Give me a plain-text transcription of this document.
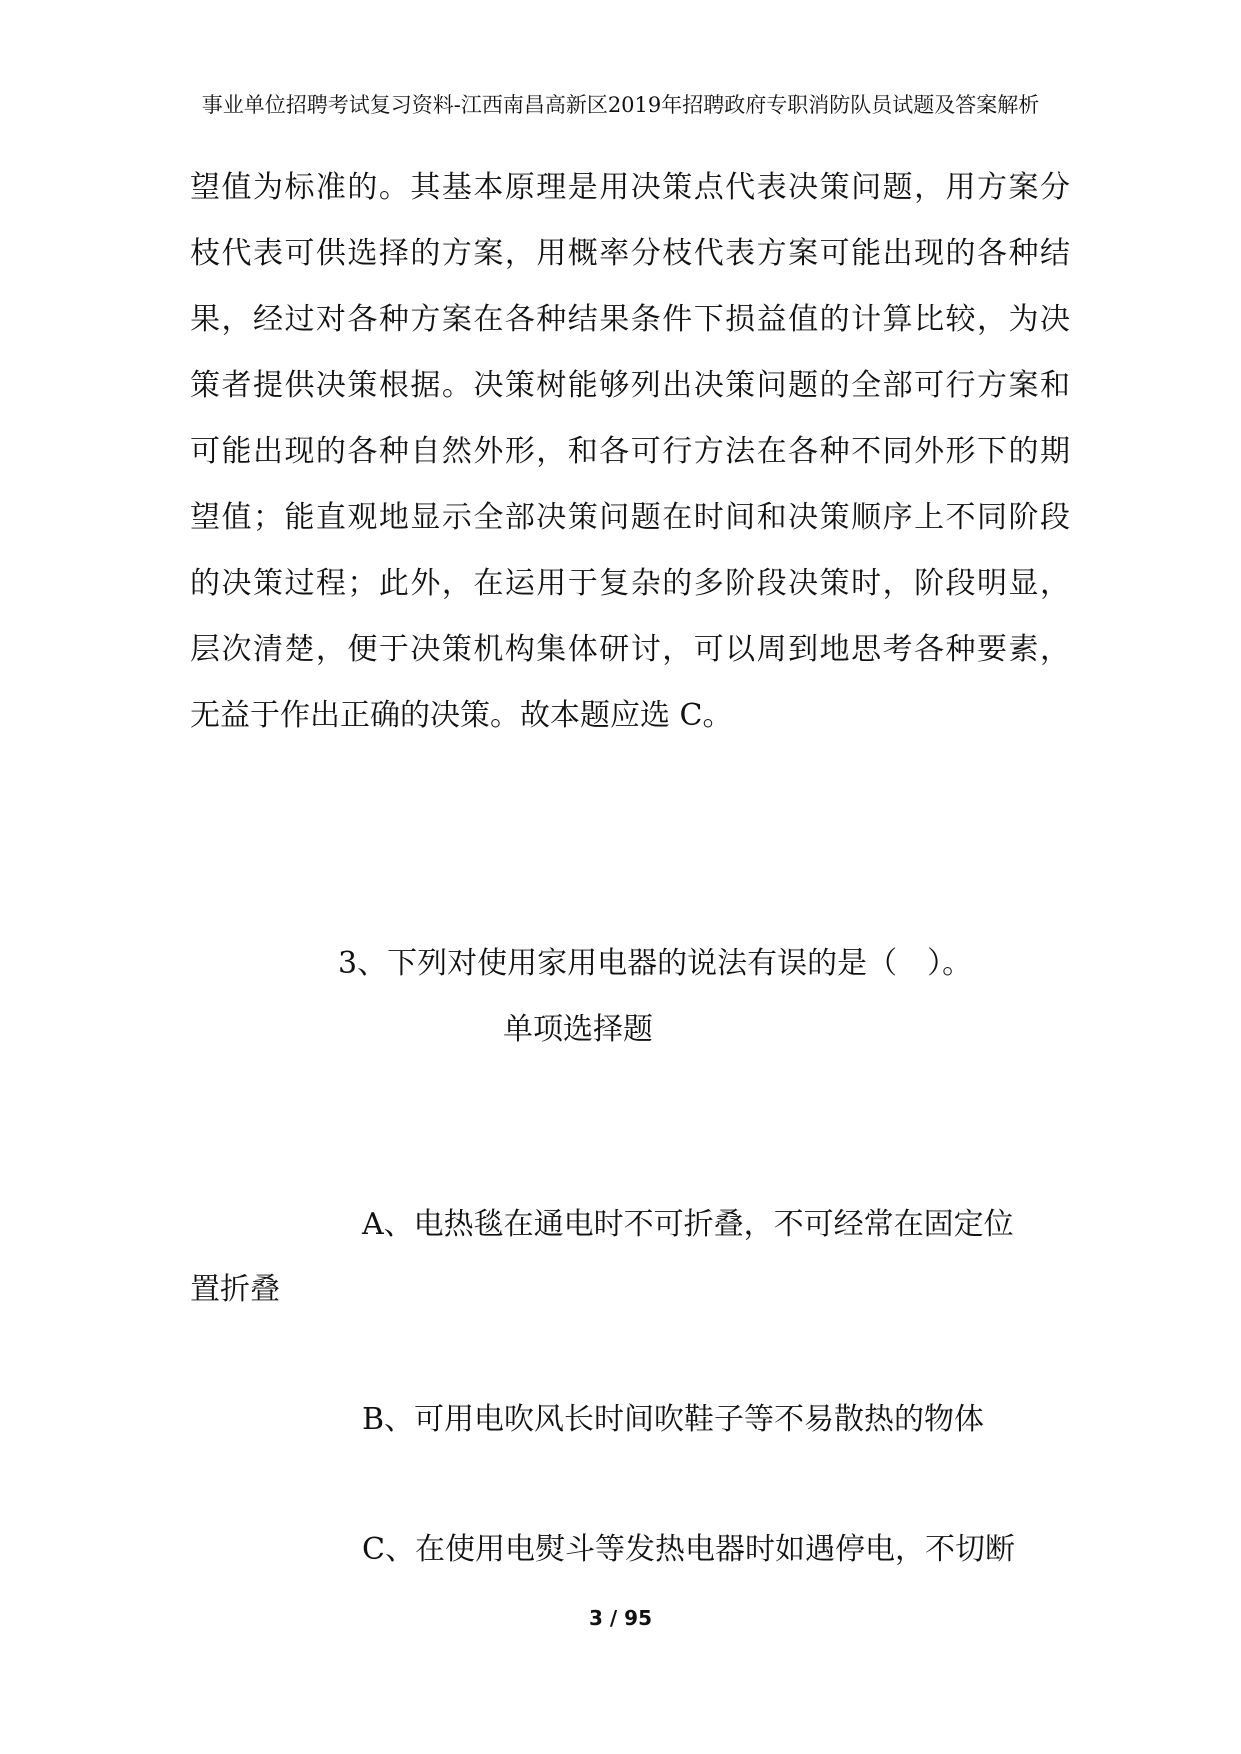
事业单位招聘考试复习资料-江西南昌高新区2019年招聘政府专职消防队员试题及答案解析
望值为标准的。其基本原理是用决策点代表决策问题，用方案分
枝代表可供选择的方案，用概率分枝代表方案可能出现的各种结
果，经过对各种方案在各种结果条件下损益值的计算比较，为决
策者提供决策根据。决策树能够列出决策问题的全部可行方案和
可能出现的各种自然外形，和各可行方法在各种不同外形下的期
望值；能直观地显示全部决策问题在时间和决策顺序上不同阶段
的决策过程；此外，在运用于复杂的多阶段决策时，阶段明显，
层次清楚，便于决策机构集体研讨，可以周到地思考各种要素，
无益于作出正确的决策。故本题应选 C。
3、下列对使用家用电器的说法有误的是（　）。
单项选择题
A、电热毯在通电时不可折叠，不可经常在固定位
置折叠
B、可用电吹风长时间吹鞋子等不易散热的物体
C、在使用电熨斗等发热电器时如遇停电，不切断
3 / 95
